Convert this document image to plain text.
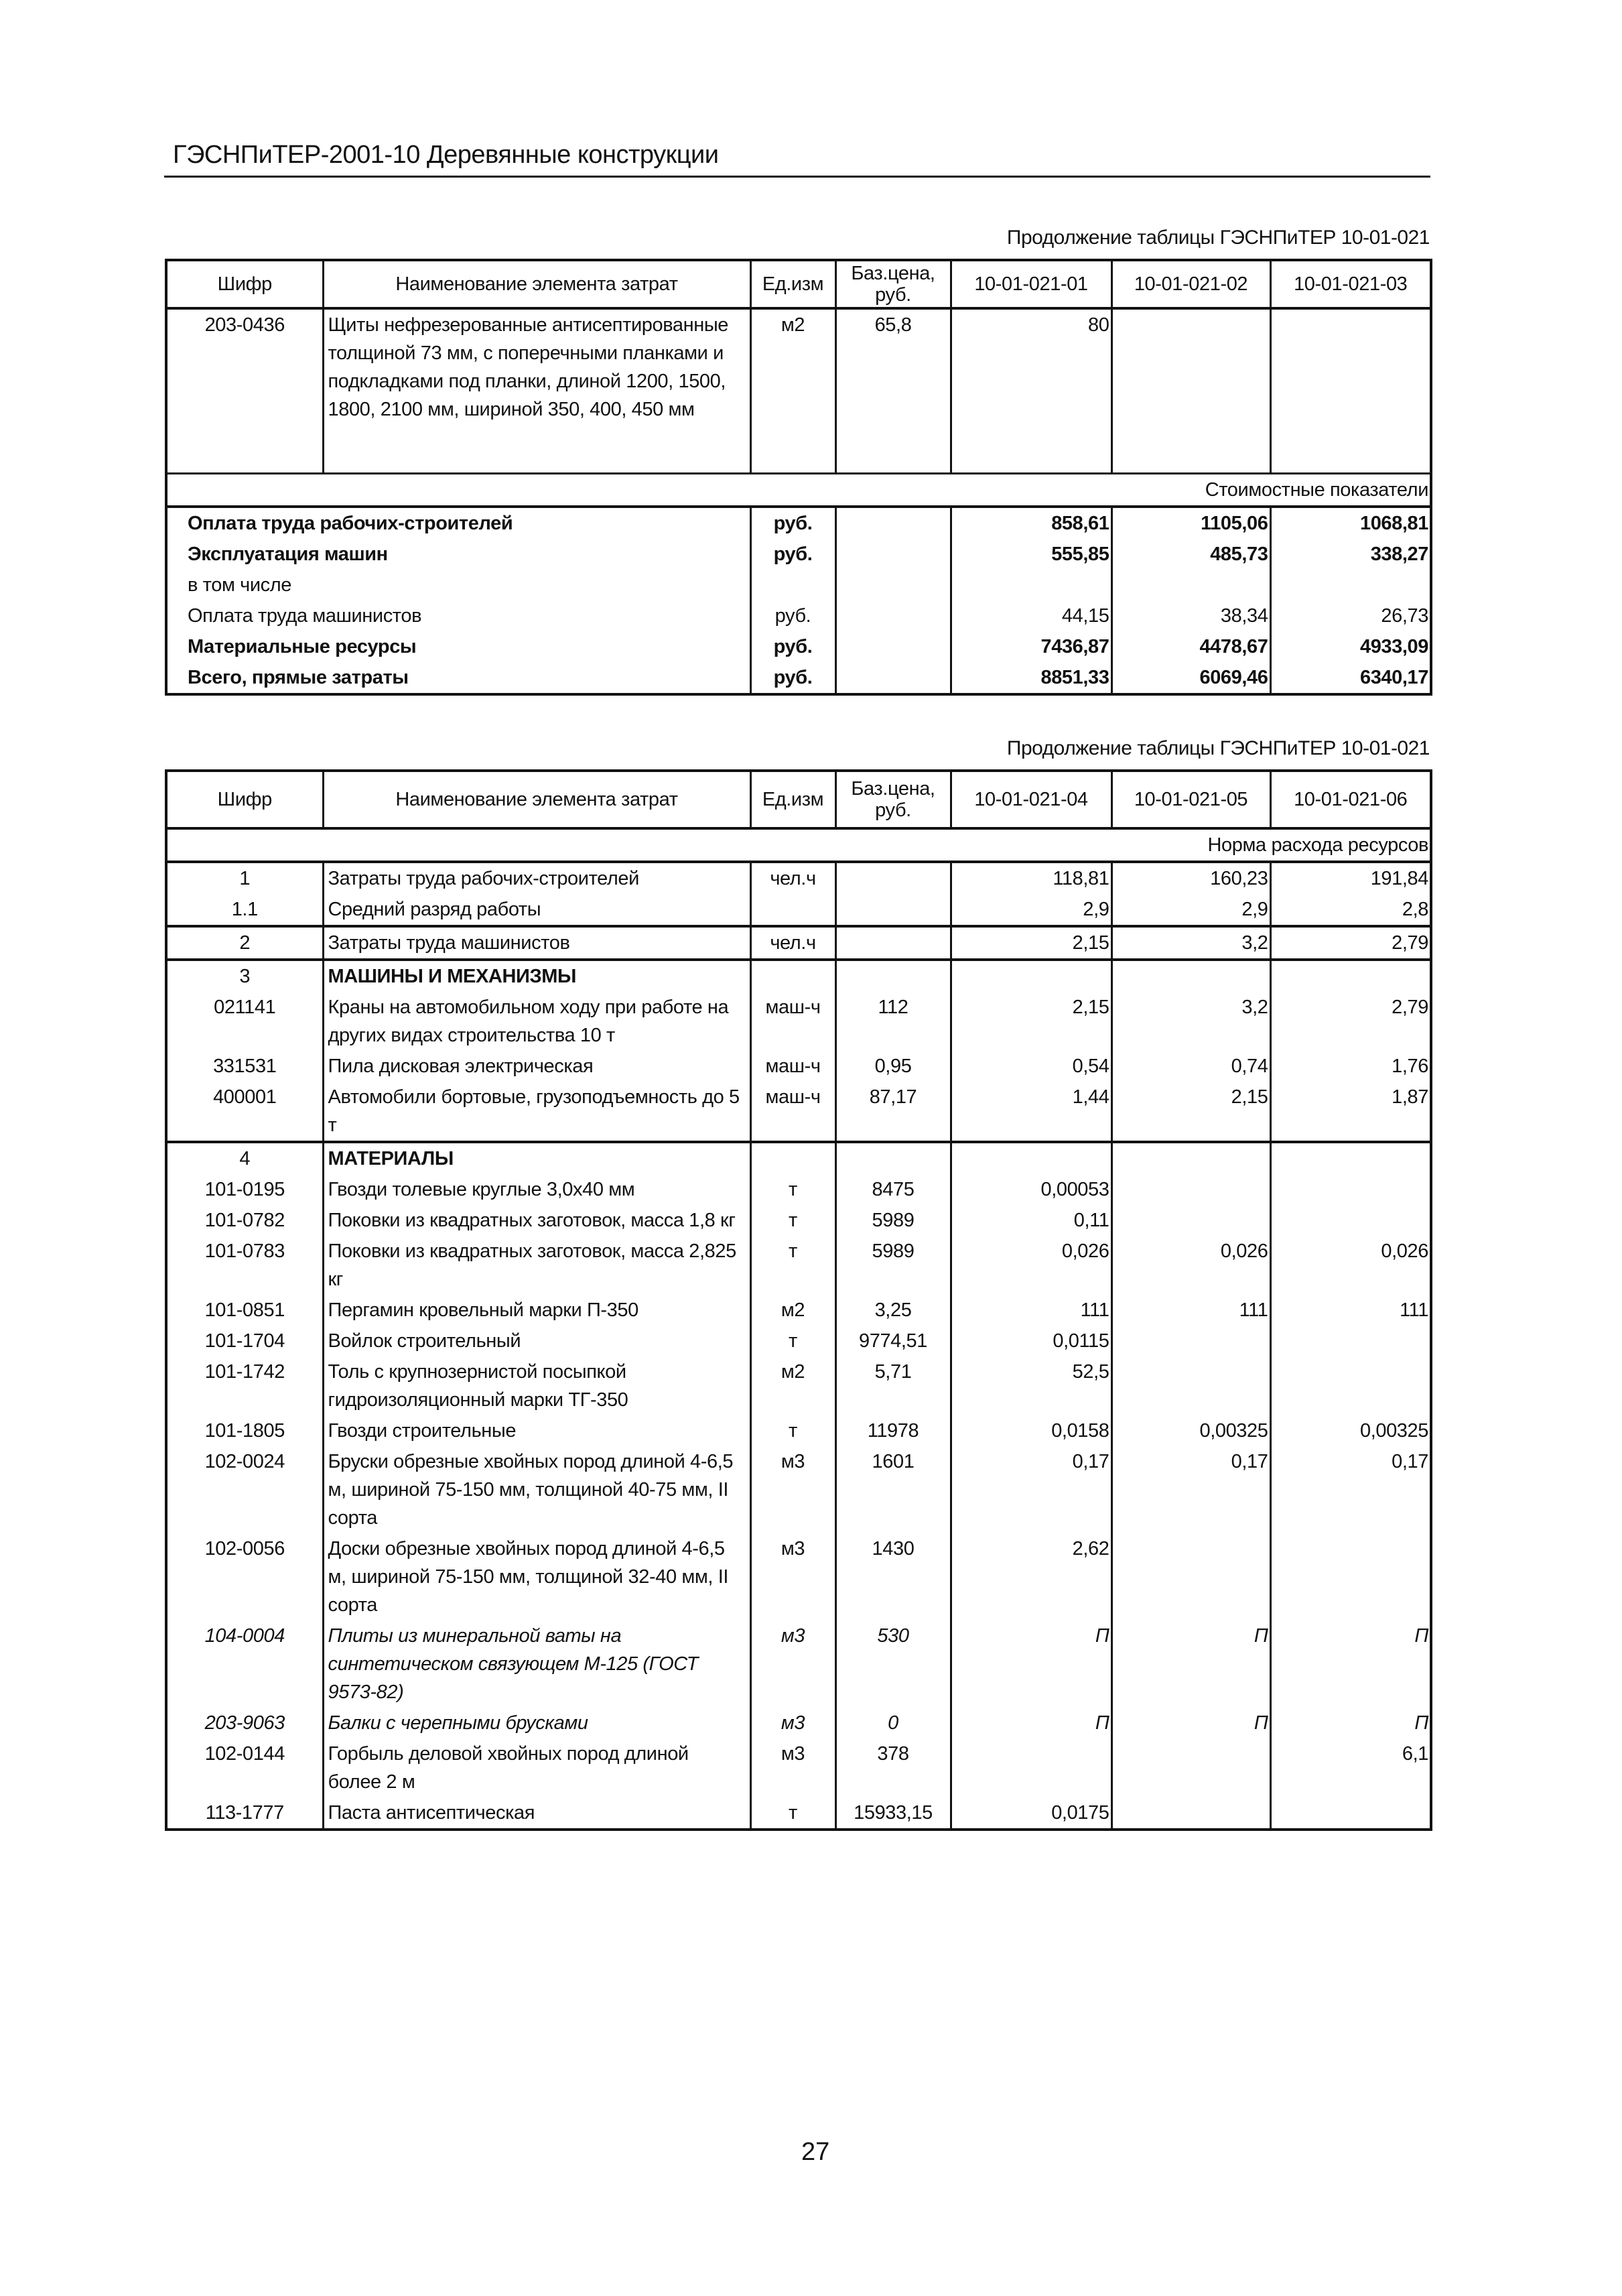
ГЭСНПиТЕР-2001-10 Деревянные конструкции
Продолжение таблицы ГЭСНПиТЕР 10-01-021
Шифр	Наименование элемента затрат	Ед.изм	Баз.цена, руб.	10-01-021-01	10-01-021-02	10-01-021-03
203-0436	Щиты нефрезерованные антисептированные толщиной 73 мм, с поперечными планками и подкладками под планки, длиной 1200, 1500, 1800, 2100 мм, шириной 350, 400, 450 мм	м2	65,8	80		
Стоимостные показатели						
Оплата труда рабочих-строителей		руб.		858,61	1105,06	1068,81
Эксплуатация машин		руб.		555,85	485,73	338,27
в том числе						
Оплата труда машинистов		руб.		44,15	38,34	26,73
Материальные ресурсы		руб.		7436,87	4478,67	4933,09
Всего, прямые затраты		руб.		8851,33	6069,46	6340,17
Продолжение таблицы ГЭСНПиТЕР 10-01-021
Шифр	Наименование элемента затрат	Ед.изм	Баз.цена, руб.	10-01-021-04	10-01-021-05	10-01-021-06
Норма расхода ресурсов						
1	Затраты труда рабочих-строителей	чел.ч		118,81	160,23	191,84
1.1	Средний разряд работы			2,9	2,9	2,8
2	Затраты труда машинистов	чел.ч		2,15	3,2	2,79
3	МАШИНЫ И МЕХАНИЗМЫ					
021141	Краны на автомобильном ходу при работе на других видах строительства 10 т	маш-ч	112	2,15	3,2	2,79
331531	Пила дисковая электрическая	маш-ч	0,95	0,54	0,74	1,76
400001	Автомобили бортовые, грузоподъемность до 5 т	маш-ч	87,17	1,44	2,15	1,87
4	МАТЕРИАЛЫ					
101-0195	Гвозди толевые круглые 3,0х40 мм	т	8475	0,00053		
101-0782	Поковки из квадратных заготовок, масса 1,8 кг	т	5989	0,11		
101-0783	Поковки из квадратных заготовок, масса 2,825 кг	т	5989	0,026	0,026	0,026
101-0851	Пергамин кровельный марки П-350	м2	3,25	111	111	111
101-1704	Войлок строительный	т	9774,51	0,0115		
101-1742	Толь с крупнозернистой посыпкой гидроизоляционный марки ТГ-350	м2	5,71	52,5		
101-1805	Гвозди строительные	т	11978	0,0158	0,00325	0,00325
102-0024	Бруски обрезные хвойных пород длиной 4-6,5 м, шириной 75-150 мм, толщиной 40-75 мм, II сорта	м3	1601	0,17	0,17	0,17
102-0056	Доски обрезные хвойных пород длиной 4-6,5 м, шириной 75-150 мм, толщиной 32-40 мм, II сорта	м3	1430	2,62		
104-0004	Плиты из минеральной ваты на синтетическом связующем М-125 (ГОСТ 9573-82)	м3	530	П	П	П
203-9063	Балки с черепными брусками	м3	0	П	П	П
102-0144	Горбыль деловой хвойных пород длиной более 2 м	м3	378			6,1
113-1777	Паста антисептическая	т	15933,15	0,0175		
27
